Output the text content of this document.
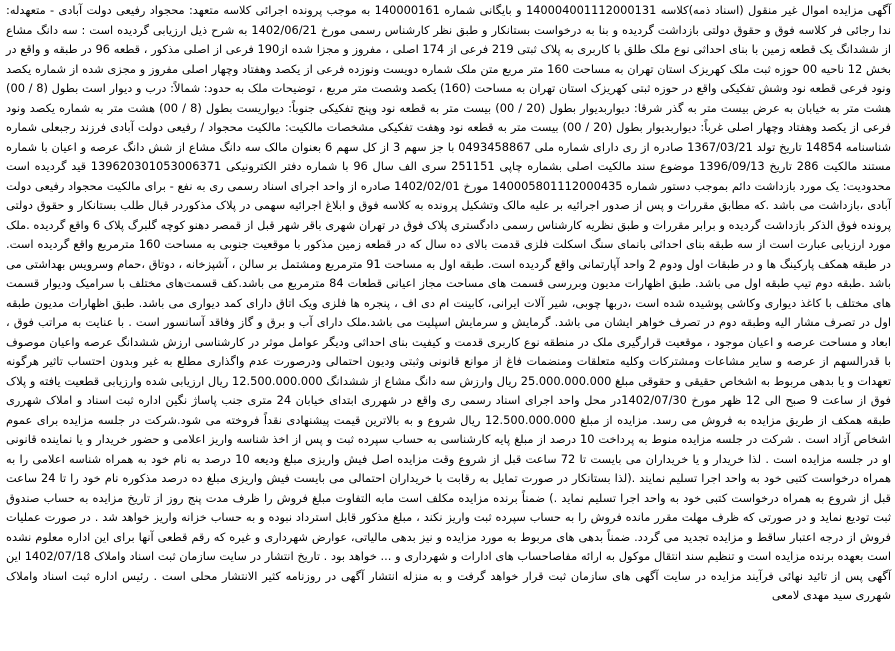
آگهی مزایده اموال غیر منقول (اسناد ذمه)کلاسه 140004001112000131 و بایگانی شماره 140000161 به موجب پرونده اجرائی کلاسه متعهد: محجواد رفیعی دولت آبادی - متعهدله: ندا رجائی فر کلاسه فوق و حقوق دولتی بازداشت گردیده و بنا به درخواست بستانکار و طبق نظر کارشناس رسمی مورخ 1402/06/21 به شرح ذیل ارزیابی گردیده است : سه دانگ مشاع از ششدانگ یک قطعه زمین با بنای احداثی نوع ملک طلق با کاربری به پلاک ثبتی 219 فرعی از 174 اصلی ، مفروز و مجزا شده از190 فرعی از اصلی مذکور ، قطعه 96 در طبقه و واقع در بخش 12 ناحیه 00 حوزه ثبت ملک کهریزک استان تهران به مساحت 160 متر مربع متن ملک شماره دویست ونوزده فرعی از یکصد وهفتاد وچهار اصلی مفروز و مجزی شده از شماره یکصد ونود فرعی قطعه نود وشش تفکیکی واقع در حوزه ثبتی کهریزک استان تهران به مساحت (160) یکصد وشصت متر مربع ، توضیحات ملک به حدود: شمالاً: درب و دیوار است بطول (8 / 00) هشت متر به خیابان به عرض بیست متر به گذر شرقا: دیواربدیوار بطول (20 / 00) بیست متر به قطعه نود وپنج تفکیکی جنوباً: دیواریست بطول (8 / 00) هشت متر به شماره یکصد ونود فرعی از یکصد وهفتاد وچهار اصلی غرباً: دیواربدیوار بطول (20 / 00) بیست متر به قطعه نود وهفت تفکیکی مشخصات مالکیت: مالکیت محجواد / رفیعی دولت آبادی فرزند رجبعلی شماره شناسنامه 14854 تاریخ تولد 1367/03/21 صادره از ری دارای شماره ملی 0493458867 با جز سهم 3 از کل سهم 6 بعنوان مالک سه دانگ مشاع از شش دانگ عرصه و اعیان با شماره مستند مالکیت 286 تاریخ 1396/09/13 موضوع سند مالکیت اصلی بشماره چاپی 251151 سری الف سال 96 با شماره دفتر الکترونیکی 139620301053006371 قید گردیده است محدودیت: یک مورد بازداشت دائم بموجب دستور شماره 140005801112000435 مورخ 1402/02/01 صادره از واحد اجرای اسناد رسمی ری به نفع - برای مالکیت محجواد رفیعی دولت آبادی ،بازداشت می باشد .که مطابق مقررات و پس از صدور اجرائیه بر علیه مالک وتشکیل پرونده به کلاسه فوق و ابلاغ اجرائیه سهمی در پلاک مذکوردر قبال طلب بستانکار و حقوق دولتی پرونده فوق الذکر بازداشت گردیده و برابر مقررات و طبق نظریه کارشناس رسمی دادگستری پلاک فوق در تهران شهری باقر شهر قبل از قمصر دهنو کوچه گلبرگ پلاک 6 واقع گردیده .ملک مورد ارزیابی عبارت است از سه طبقه بنای احداثی بانمای سنگ اسکلت فلزی قدمت بالای ده سال که در قطعه زمین مذکور با موقعیت جنوبی به مساحت 160 مترمربع واقع گردیده است. در طبقه همکف پارکینگ ها و در طبقات اول ودوم 2 واحد آپارتمانی واقع گردیده است. طبقه اول به مساحت 91 مترمربع ومشتمل بر سالن ، آشپزخانه ، دوتاق ،حمام وسرویس بهداشتی می باشد .طبقه دوم تیپ طبقه اول می باشد. طبق اظهارات مدیون وبررسی قسمت های مساحت مجاز اعیانی قطعات 84 مترمربع می باشد.کف قسمت‌های مختلف با سرامیک ودیوار قسمت های مختلف با کاغذ دیواری وکاشی پوشیده شده است ،دربها چوبی، شیر آلات ایرانی، کابینت ام دی اف ، پنجره ها فلزی ویک اتاق دارای کمد دیواری می باشد. طبق اظهارات مدیون طبقه اول در تصرف مشار الیه وطبقه دوم در تصرف خواهر ایشان می باشد. گرمایش و سرمایش اسپلیت می باشد.ملک دارای آب و برق و گاز وفاقد آسانسور است . با عنایت به مراتب فوق ، ابعاد و مساحت عرصه و اعیان موجود ، موقعیت قرارگیری ملک در منطقه نوع کاربری قدمت و کیفیت بنای احداثی ودیگر عوامل موثر در کارشناسی ارزش ششدانگ عرصه واعیان موصوف با قدرالسهم از عرصه و سایر مشاعات ومشترکات وکلیه متعلقات ومنضمات فاغ از موانع قانونی وثبتی ودیون احتمالی ودرصورت عدم واگذاری مطلع به غیر وبدون احتساب تاثیر هرگونه تعهدات و یا بدهی مربوط به اشخاص حقیقی و حقوقی مبلغ 25.000.000.000 ریال وارزش سه دانگ مشاع از ششدانگ 12.500.000.000 ریال ارزیابی شده وارزیابی قطعیت یافته و پلاک فوق از ساعت 9 صبح الی 12 ظهر مورخ 1402/07/30در محل واحد اجرای اسناد رسمی ری واقع در شهرری ابتدای خیابان 24 متری جنب پاساژ نگین اداره ثبت اسناد و املاک شهرری طبقه همکف از طریق مزایده به فروش می رسد. مزایده از مبلغ 12.500.000.000 ریال شروع و به بالاترین قیمت پیشنهادی نقداً فروخته می شود.شرکت در جلسه مزایده برای عموم اشخاص آزاد است . شرکت در جلسه مزایده منوط به پرداخت 10 درصد از مبلغ پایه کارشناسی به حساب سپرده ثبت و پس از اخذ شناسه واریز اعلامی و حضور خریدار و یا نماینده قانونی او در جلسه مزایده است . لذا خریدار و یا خریداران می بایست تا 72 ساعت قبل از شروع وقت مزایده اصل فیش واریزی مبلغ ودیعه 10 درصد به نام خود به همراه شناسه اعلامی را به همراه درخواست کتبی خود به واحد اجرا تسلیم نمایند .(لذا بستانکار در صورت تمایل به رقابت با خریداران احتمالی می بایست فیش واریزی مبلغ ده درصد مذکوره نام خود را تا 24 ساعت قبل از شروع به همراه درخواست کتبی خود به واحد اجرا تسلیم نماید .) ضمناً برنده مزایده مکلف است مابه التفاوت مبلغ فروش را ظرف مدت پنج روز از تاریخ مزایده به حساب صندوق ثبت تودیع نماید و در صورتی که ظرف مهلت مقرر مانده فروش را به حساب سپرده ثبت واریز نکند ، مبلغ مذکور قابل استرداد نبوده و به حساب خزانه واریز خواهد شد . در صورت عملیات فروش از درجه اعتبار ساقط و مزایده تجدید می گردد. ضمناً بدهی های مربوط به مورد مزایده و نیز بدهی مالیاتی، عوارض شهرداری و غیره که رقم قطعی آنها برای این اداره معلوم نشده است بعهده برنده مزایده است و تنظیم سند انتقال موکول به ارائه مفاصاحساب های ادارات و شهرداری و ... خواهد بود . تاریخ انتشار در سایت سازمان ثبت اسناد واملاک 1402/07/18 این آگهی پس از تائید نهائی فرآیند مزایده در سایت آگهی های سازمان ثبت قرار خواهد گرفت و به منزله انتشار آگهی در روزنامه کثیر الانتشار محلی است . رئیس اداره ثبت اسناد واملاک شهرری سید مهدی لامعی
